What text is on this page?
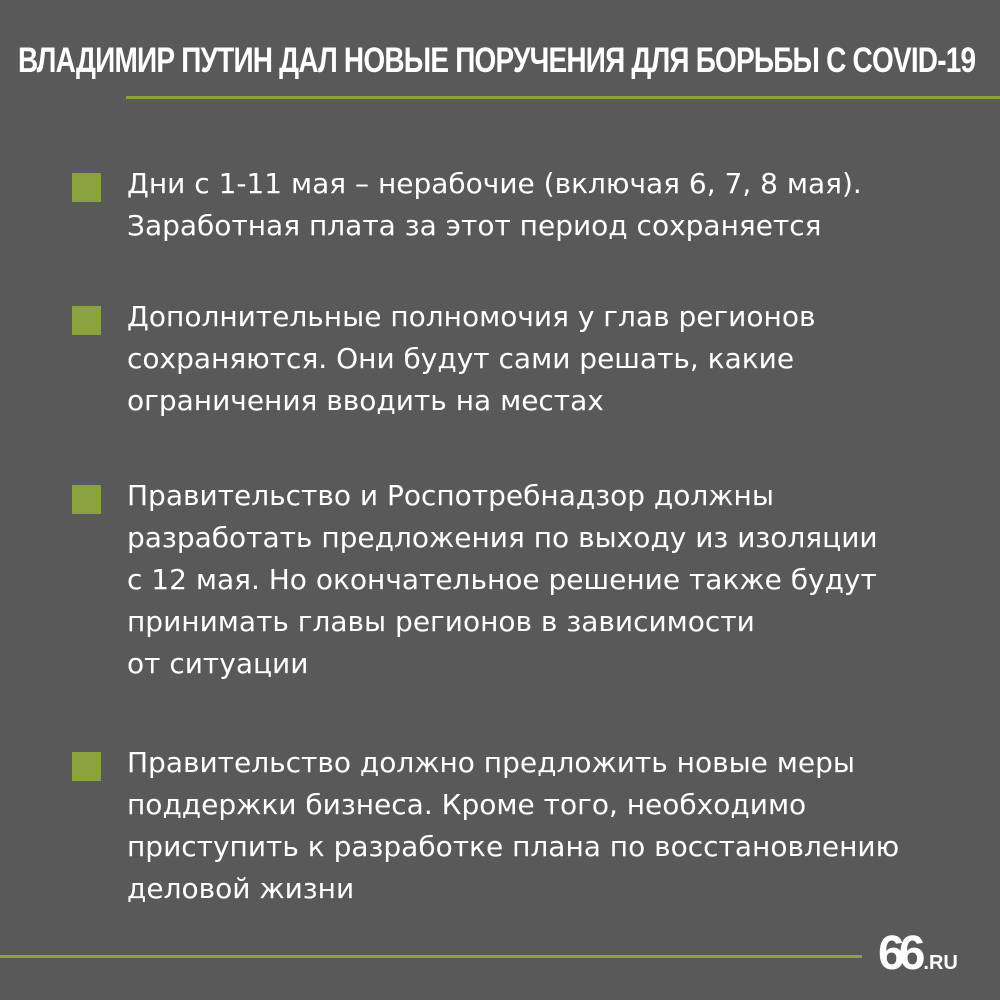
ВЛАДИМИР ПУТИН ДАЛ НОВЫЕ ПОРУЧЕНИЯ ДЛЯ БОРЬБЫ С COVID-19
Дни с 1-11 мая – нерабочие (включая 6, 7, 8 мая).
Заработная плата за этот период сохраняется
Дополнительные полномочия у глав регионов
сохраняются. Они будут сами решать, какие
ограничения вводить на местах
Правительство и Роспотребнадзор должны
разработать предложения по выходу из изоляции
с 12 мая. Но окончательное решение также будут
принимать главы регионов в зависимости
от ситуации
Правительство должно предложить новые меры
поддержки бизнеса. Кроме того, необходимо
приступить к разработке плана по восстановлению
деловой жизни
66 .RU
